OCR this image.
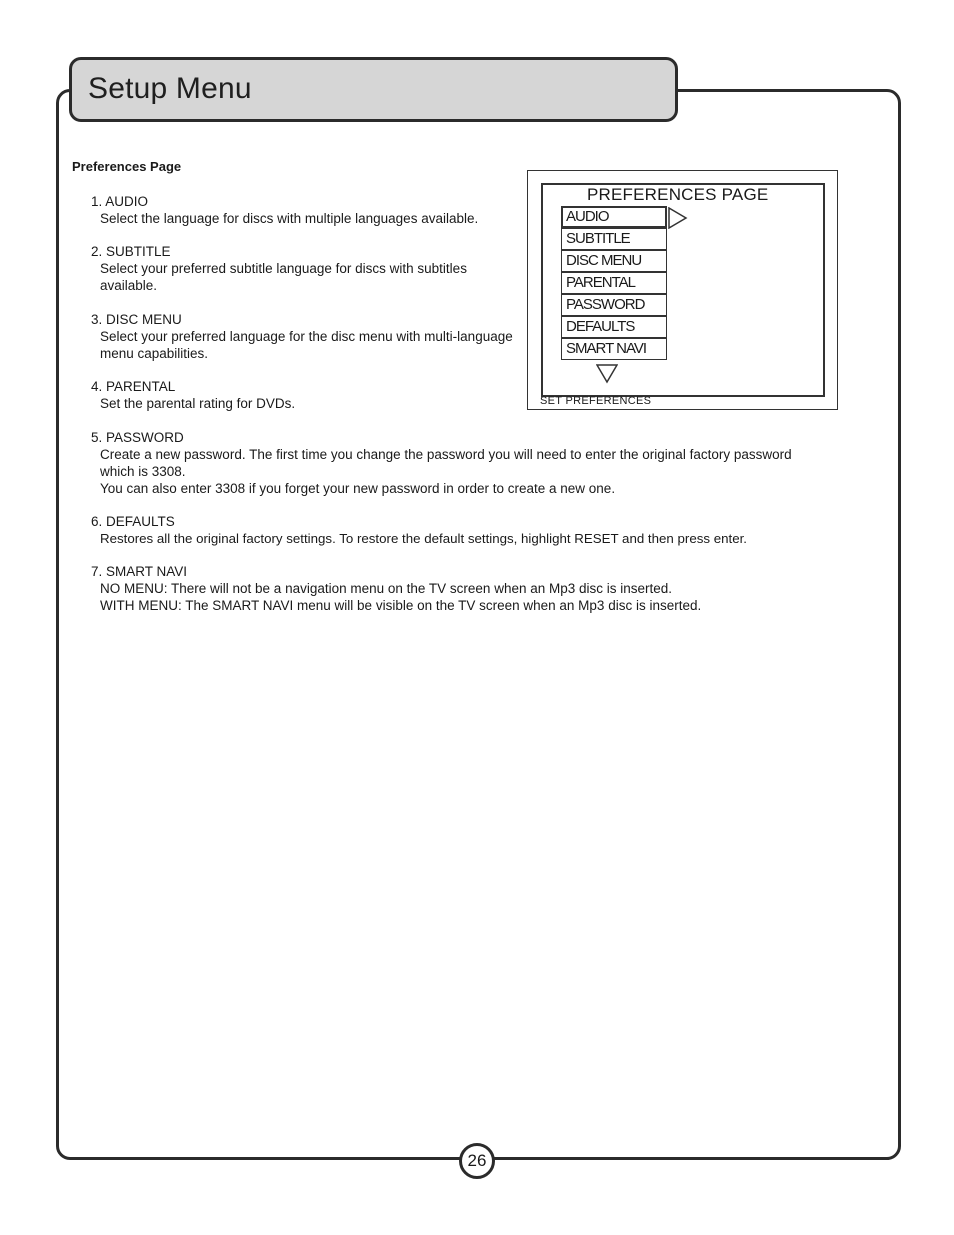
Setup Menu
Preferences Page
1. AUDIO
Select the language for discs with multiple languages available.
2. SUBTITLE
Select your preferred subtitle language for discs with subtitles available.
3. DISC MENU
Select your preferred language for the disc menu with multi-language menu capabilities.
4. PARENTAL
Set the parental rating for DVDs.
5. PASSWORD
Create a new password. The first time you change the password you will need to enter the original factory password which is 3308.
You can also enter 3308 if you forget your new password in order to create a new one.
6. DEFAULTS
Restores all the original factory settings. To restore the default settings, highlight RESET and then press enter.
7. SMART NAVI
NO MENU: There will not be a navigation menu on the TV screen when an Mp3 disc is inserted.
WITH MENU: The SMART NAVI menu will be visible on the TV screen when an Mp3 disc is inserted.
PREFERENCES PAGE
AUDIO
SUBTITLE
DISC MENU
PARENTAL
PASSWORD
DEFAULTS
SMART NAVI
SET PREFERENCES
26
